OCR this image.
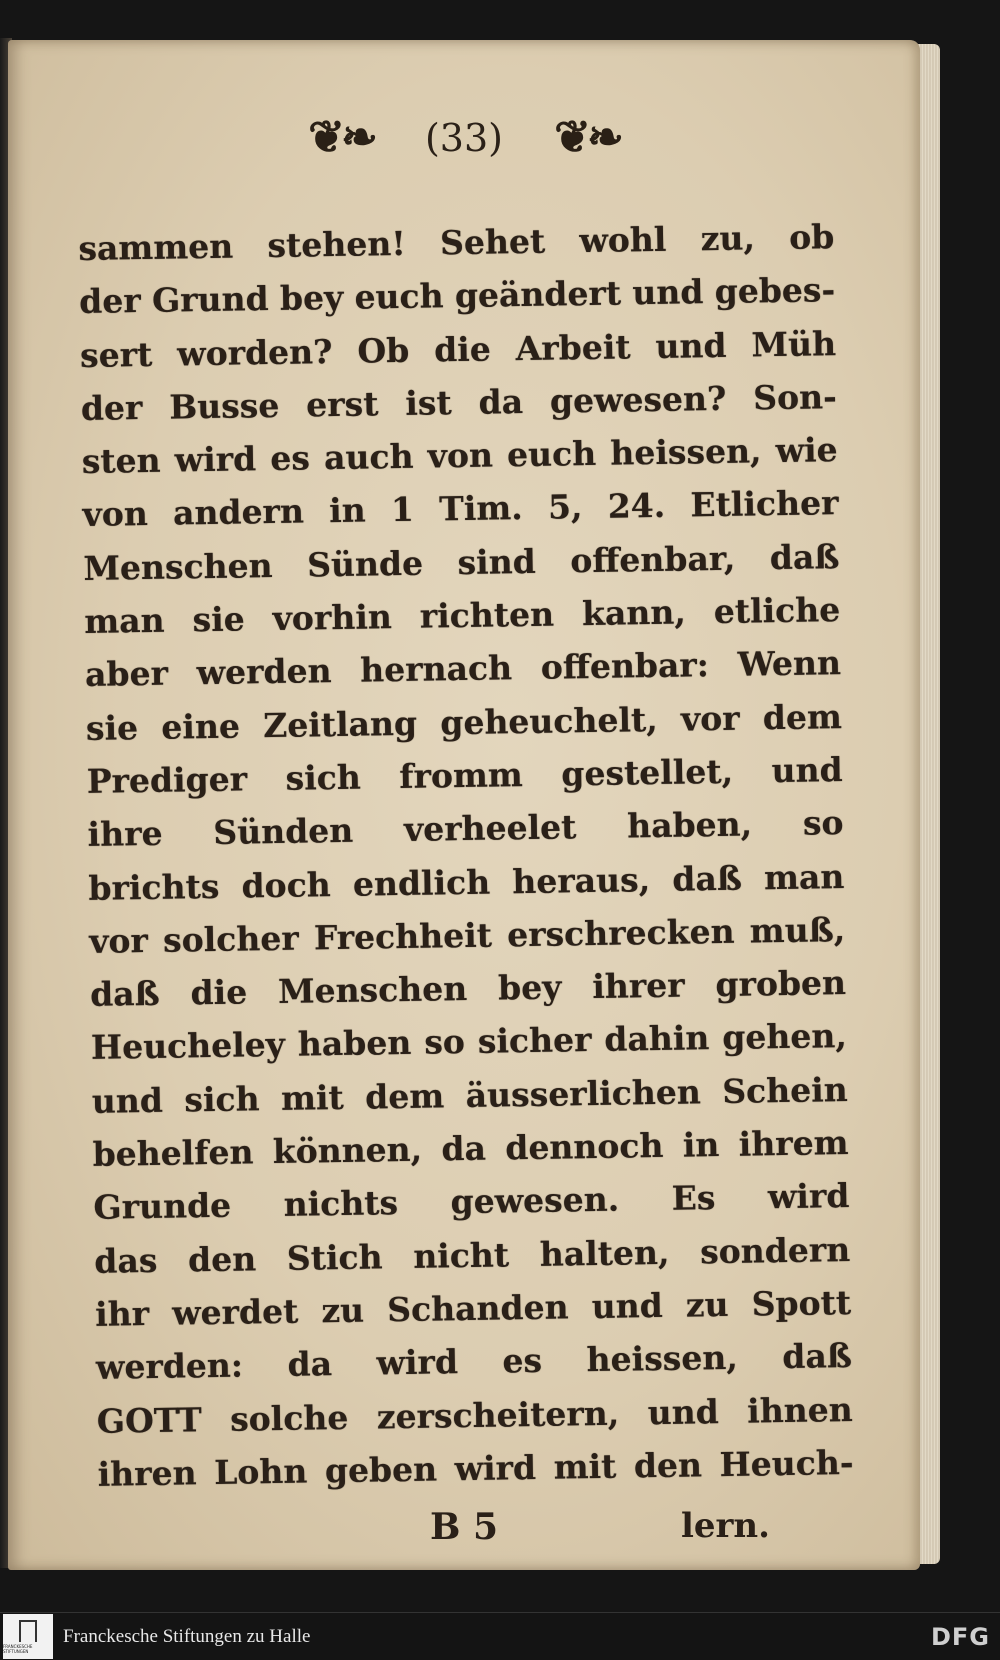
❦❧ (33) ❦❧
sammen stehen! Sehet wohl zu, ob
der Grund bey euch geändert und gebes-
sert worden? Ob die Arbeit und Müh
der Busse erst ist da gewesen? Son-
sten wird es auch von euch heissen, wie
von andern in 1 Tim. 5, 24. Etlicher
Menschen Sünde sind offenbar, daß
man sie vorhin richten kann, etliche
aber werden hernach offenbar: Wenn
sie eine Zeitlang geheuchelt, vor dem
Prediger sich fromm gestellet, und
ihre Sünden verheelet haben, so
brichts doch endlich heraus, daß man
vor solcher Frechheit erschrecken muß,
daß die Menschen bey ihrer groben
Heucheley haben so sicher dahin gehen,
und sich mit dem äusserlichen Schein
behelfen können, da dennoch in ihrem
Grunde nichts gewesen. Es wird
das den Stich nicht halten, sondern
ihr werdet zu Schanden und zu Spott
werden: da wird es heissen, daß
GOTT solche zerscheitern, und ihnen
ihren Lohn geben wird mit den Heuch-
B 5	lern.
FRANCKESCHE STIFTUNGEN
Franckesche Stiftungen zu Halle	DFG
